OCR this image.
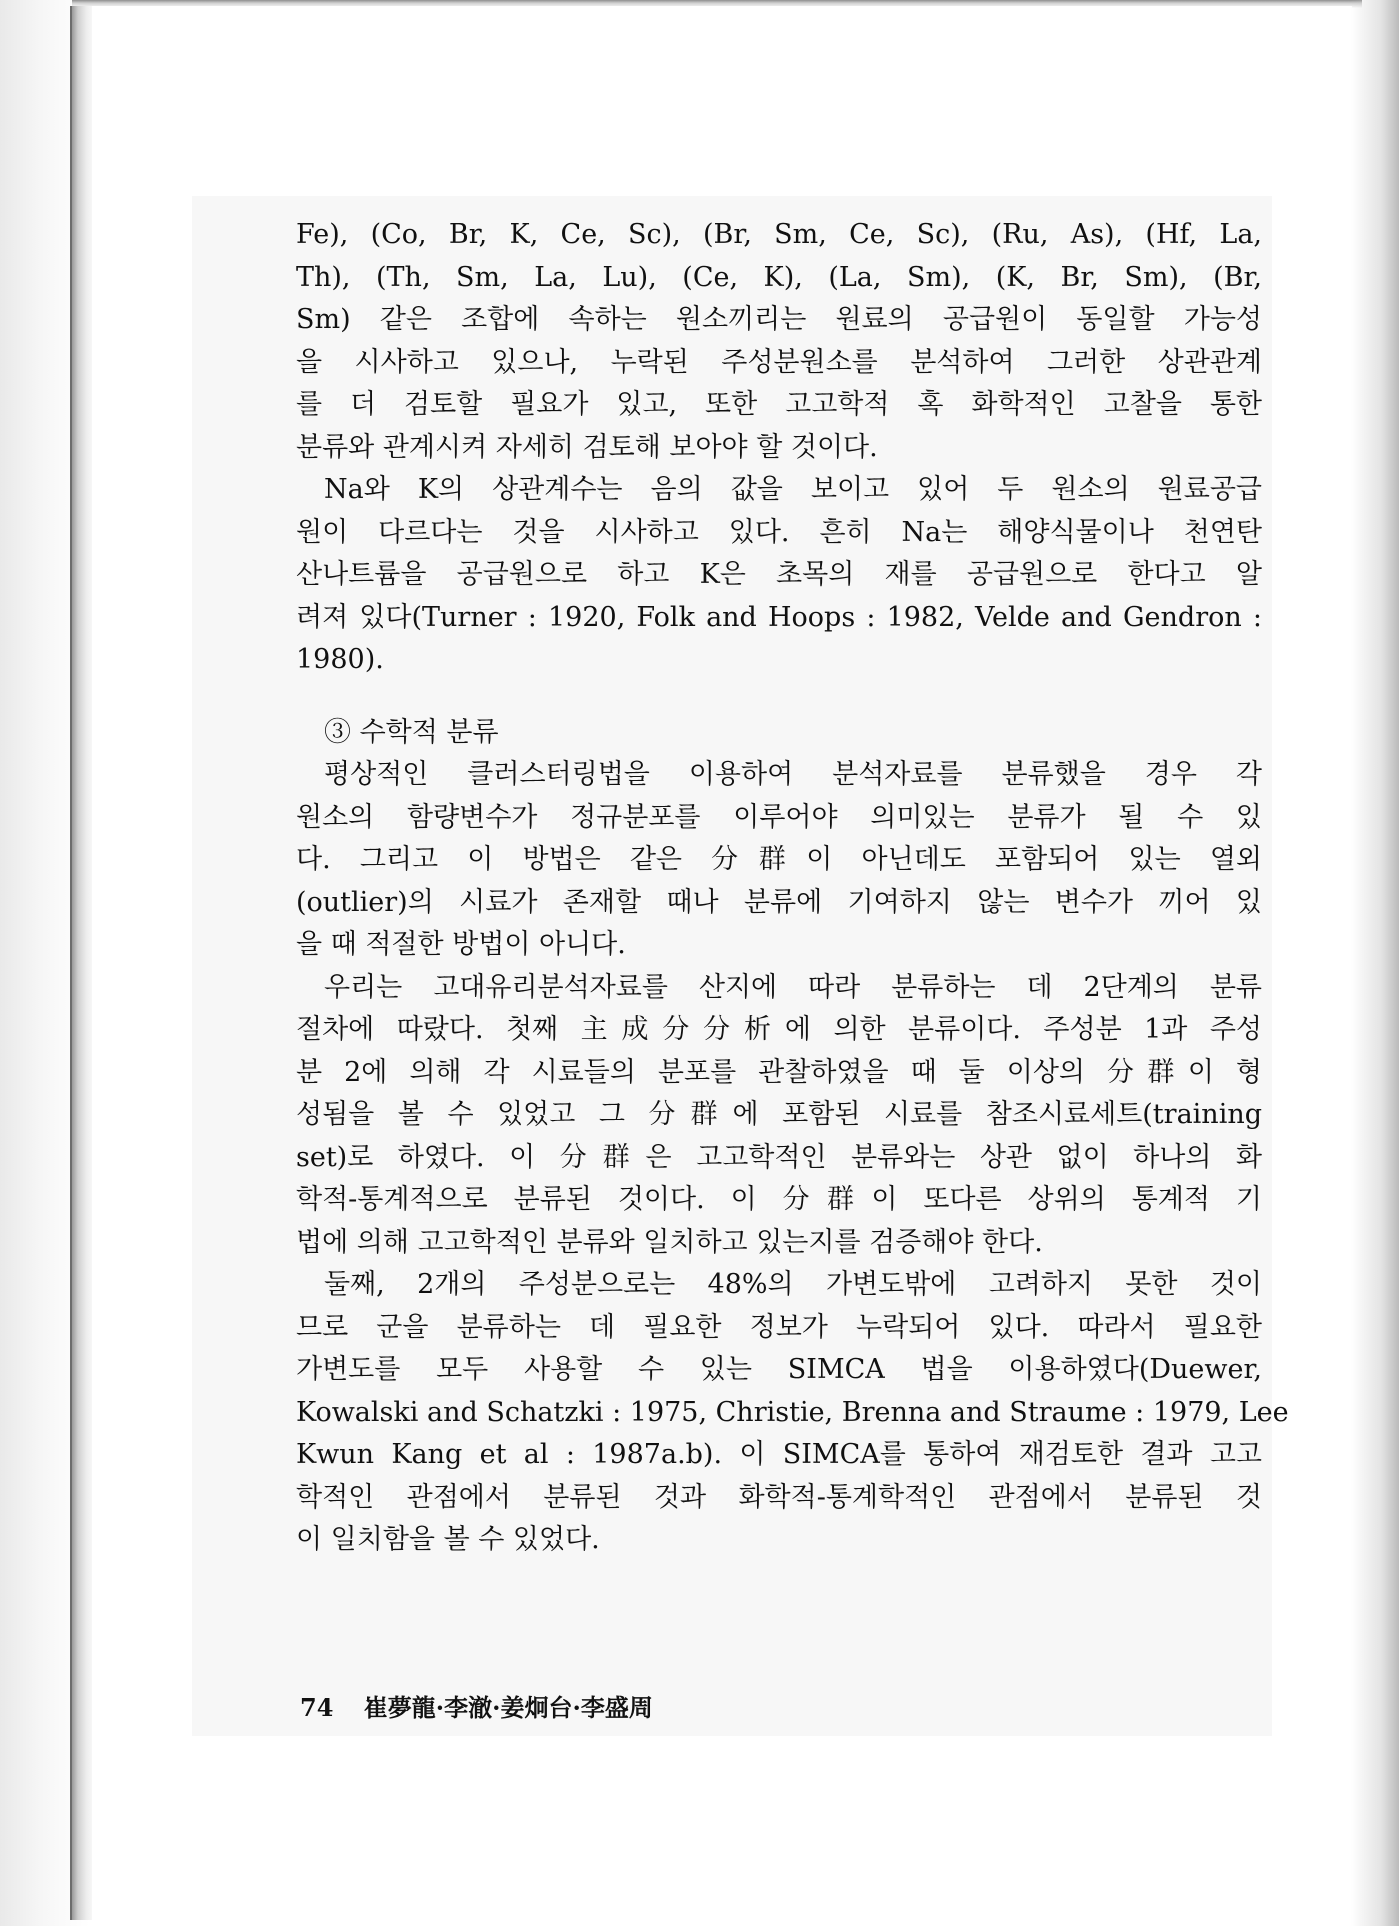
Fe), (Co, Br, K, Ce, Sc), (Br, Sm, Ce, Sc), (Ru, As), (Hf, La,
Th), (Th, Sm, La, Lu), (Ce, K), (La, Sm), (K, Br, Sm), (Br,
Sm) 같은 조합에 속하는 원소끼리는 원료의 공급원이 동일할 가능성
을 시사하고 있으나, 누락된 주성분원소를 분석하여 그러한 상관관계
를 더 검토할 필요가 있고, 또한 고고학적 혹 화학적인 고찰을 통한
분류와 관계시켜 자세히 검토해 보아야 할 것이다.
Na와 K의 상관계수는 음의 값을 보이고 있어 두 원소의 원료공급
원이 다르다는 것을 시사하고 있다. 흔히 Na는 해양식물이나 천연탄
산나트륨을 공급원으로 하고 K은 초목의 재를 공급원으로 한다고 알
려져 있다(Turner : 1920, Folk and Hoops : 1982, Velde and Gendron :
1980).
③ 수학적 분류
평상적인 클러스터링법을 이용하여 분석자료를 분류했을 경우 각
원소의 함량변수가 정규분포를 이루어야 의미있는 분류가 될 수 있
다. 그리고 이 방법은 같은 分群이 아닌데도 포함되어 있는 열외
(outlier)의 시료가 존재할 때나 분류에 기여하지 않는 변수가 끼어 있
을 때 적절한 방법이 아니다.
우리는 고대유리분석자료를 산지에 따라 분류하는 데 2단계의 분류
절차에 따랐다. 첫째 主成分分析에 의한 분류이다. 주성분 1과 주성
분 2에 의해 각 시료들의 분포를 관찰하였을 때 둘 이상의 分群이 형
성됨을 볼 수 있었고 그 分群에 포함된 시료를 참조시료세트(training
set)로 하였다. 이 分群은 고고학적인 분류와는 상관 없이 하나의 화
학적-통계적으로 분류된 것이다. 이 分群이 또다른 상위의 통계적 기
법에 의해 고고학적인 분류와 일치하고 있는지를 검증해야 한다.
둘째, 2개의 주성분으로는 48%의 가변도밖에 고려하지 못한 것이
므로 군을 분류하는 데 필요한 정보가 누락되어 있다. 따라서 필요한
가변도를 모두 사용할 수 있는 SIMCA 법을 이용하였다(Duewer,
Kowalski and Schatzki : 1975, Christie, Brenna and Straume : 1979, Lee
Kwun Kang et al : 1987a.b). 이 SIMCA를 통하여 재검토한 결과 고고
학적인 관점에서 분류된 것과 화학적-통계학적인 관점에서 분류된 것
이 일치함을 볼 수 있었다.
74 崔夢龍·李澈·姜炯台·李盛周
